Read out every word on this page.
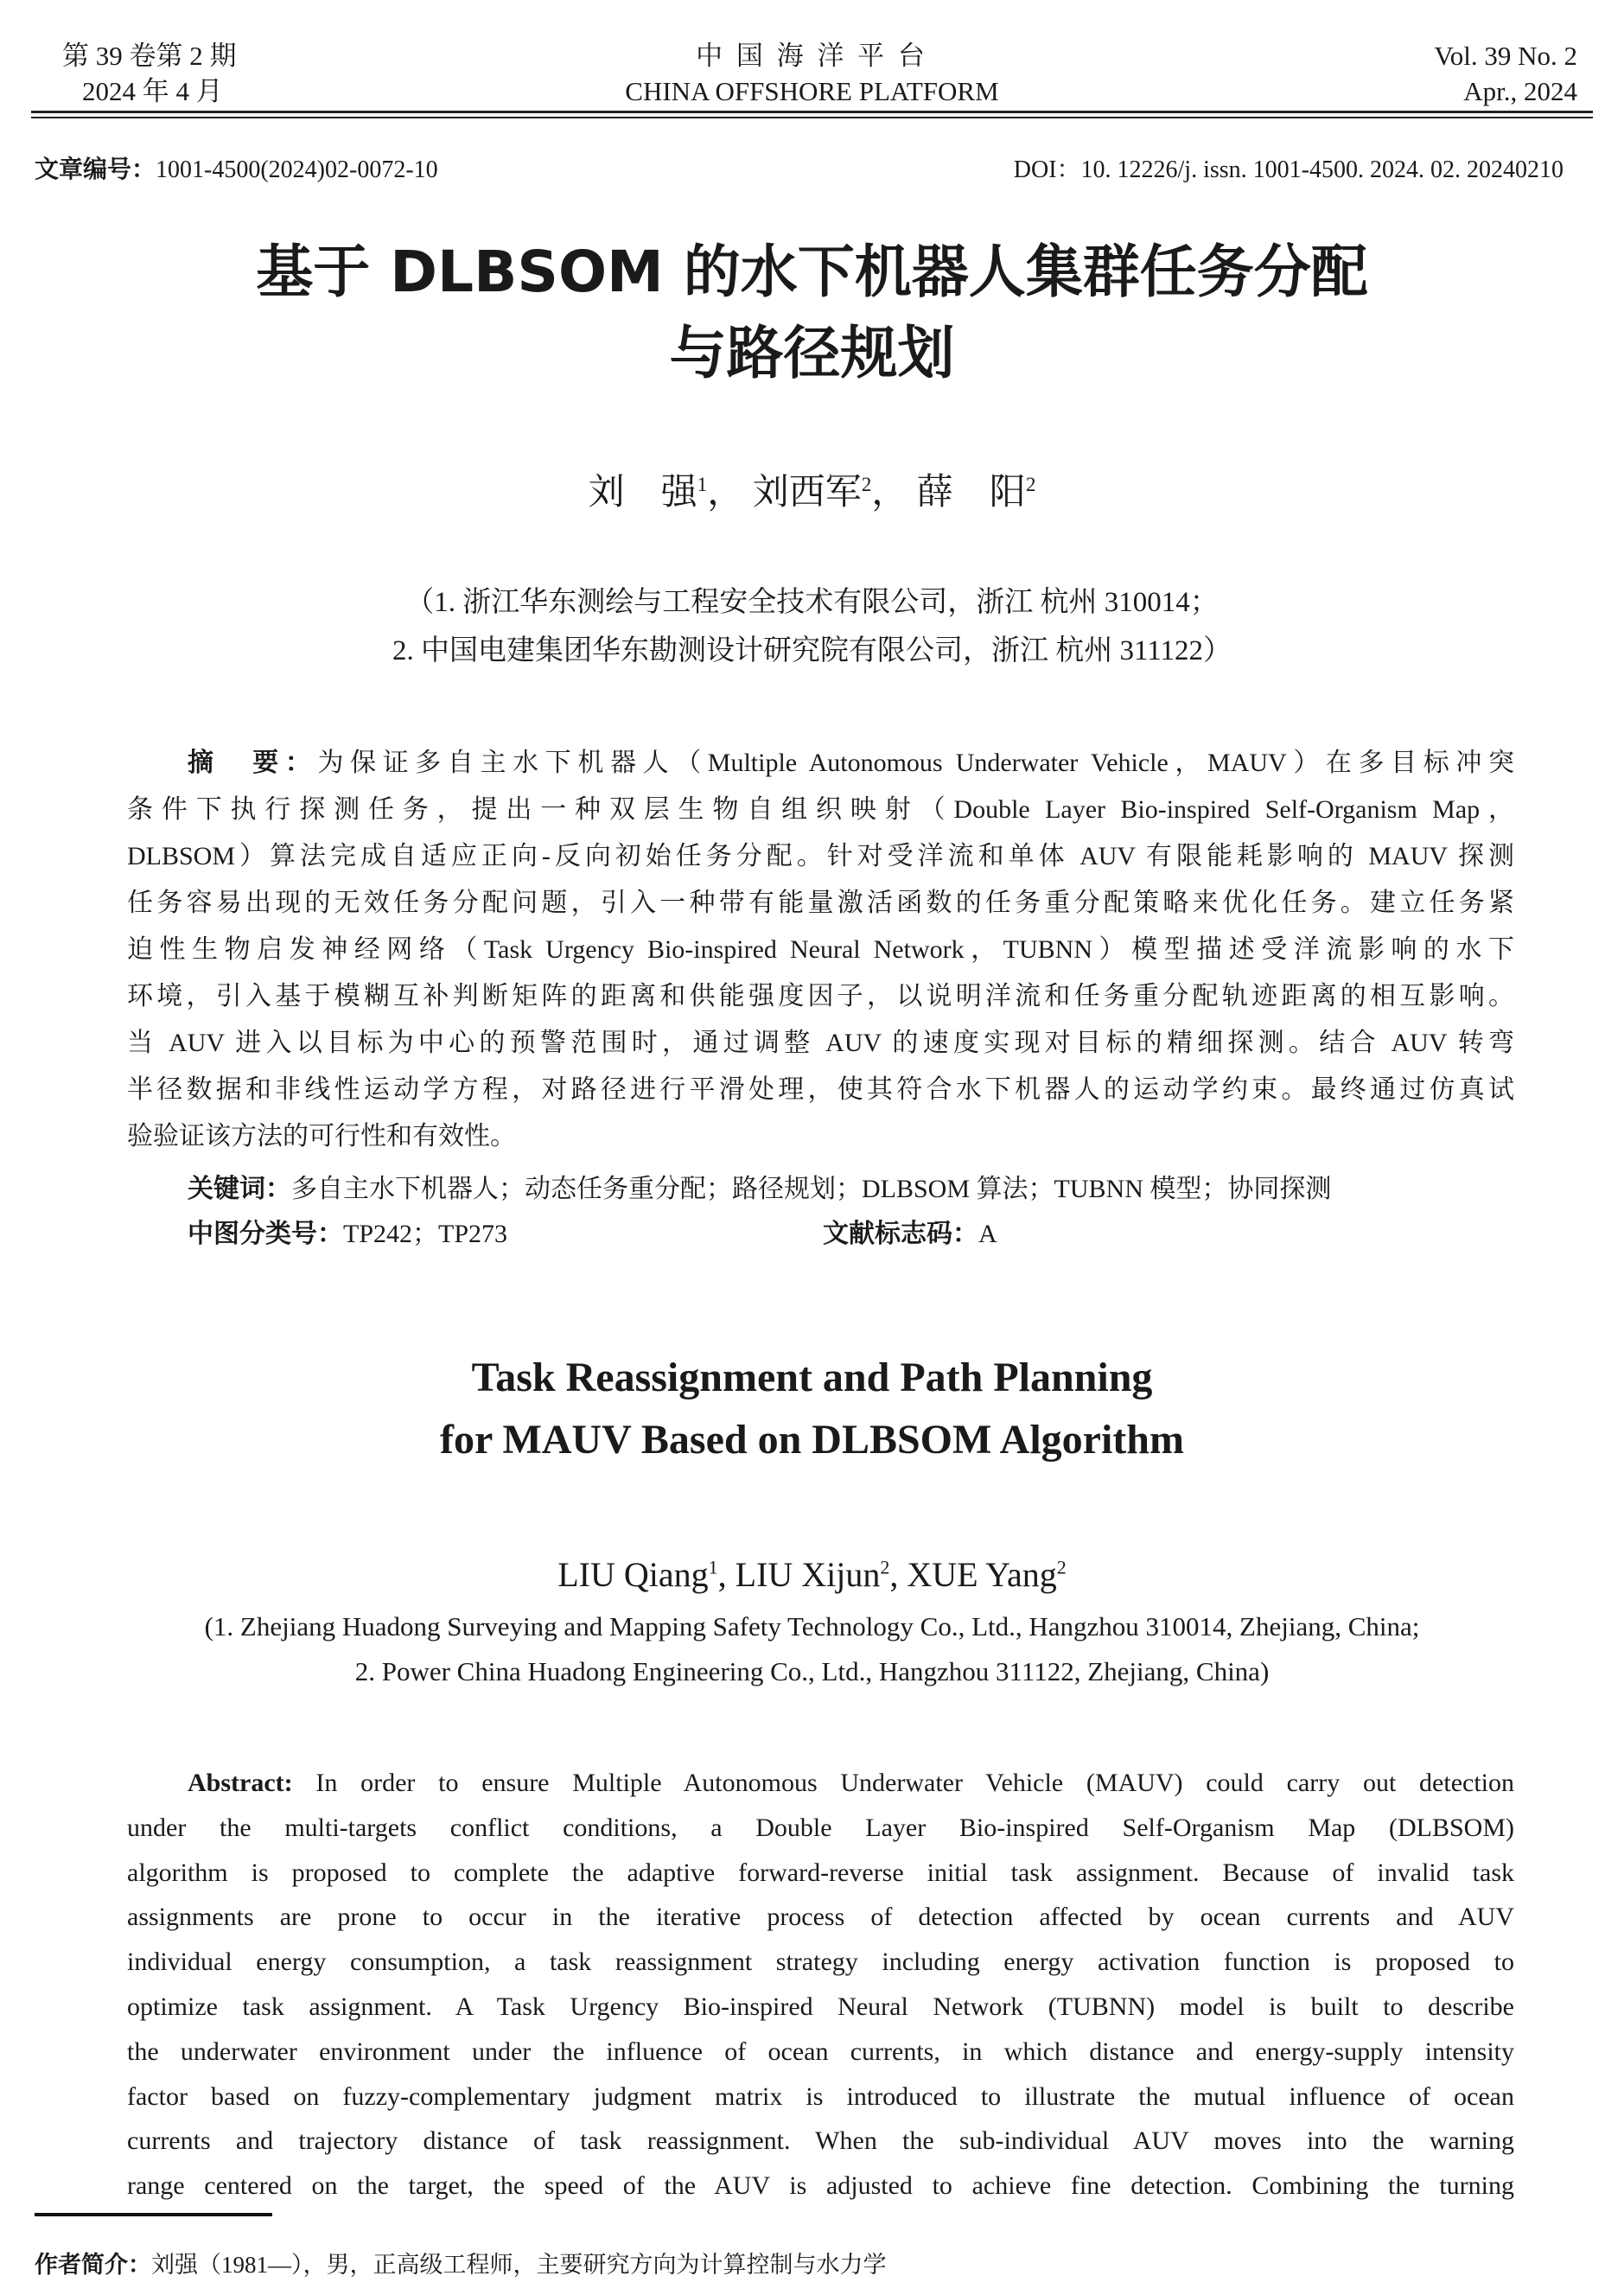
第 39 卷第 2 期
2024 年 4 月
中 国 海 洋 平 台
CHINA OFFSHORE PLATFORM
Vol. 39 No. 2
Apr., 2024
文章编号：1001-4500(2024)02-0072-10	DOI：10. 12226/j. issn. 1001-4500. 2024. 02. 20240210
基于 DLBSOM 的水下机器人集群任务分配
与路径规划
刘　强$^1$， 刘西军$^2$， 薛　阳$^2$
（1. 浙江华东测绘与工程安全技术有限公司，浙江 杭州 310014；
2. 中国电建集团华东勘测设计研究院有限公司，浙江 杭州 311122）
摘　要：为保证多自主水下机器人（Multiple Autonomous Underwater Vehicle，MAUV）在多目标冲突
条件下执行探测任务，提出一种双层生物自组织映射（Double Layer Bio-inspired Self-Organism Map，
DLBSOM）算法完成自适应正向-反向初始任务分配。针对受洋流和单体 AUV 有限能耗影响的 MAUV 探测
任务容易出现的无效任务分配问题，引入一种带有能量激活函数的任务重分配策略来优化任务。建立任务紧
迫性生物启发神经网络（Task Urgency Bio-inspired Neural Network，TUBNN）模型描述受洋流影响的水下
环境，引入基于模糊互补判断矩阵的距离和供能强度因子，以说明洋流和任务重分配轨迹距离的相互影响。
当 AUV 进入以目标为中心的预警范围时，通过调整 AUV 的速度实现对目标的精细探测。结合 AUV 转弯
半径数据和非线性运动学方程，对路径进行平滑处理，使其符合水下机器人的运动学约束。最终通过仿真试
验验证该方法的可行性和有效性。
关键词：多自主水下机器人；动态任务重分配；路径规划；DLBSOM 算法；TUBNN 模型；协同探测
中图分类号：TP242；TP273	文献标志码：A
Task Reassignment and Path Planning
for MAUV Based on DLBSOM Algorithm
LIU Qiang$^1$, LIU Xijun$^2$, XUE Yang$^2$
(1. Zhejiang Huadong Surveying and Mapping Safety Technology Co., Ltd., Hangzhou 310014, Zhejiang, China;
2. Power China Huadong Engineering Co., Ltd., Hangzhou 311122, Zhejiang, China)
Abstract: In order to ensure Multiple Autonomous Underwater Vehicle (MAUV) could carry out detection
under the multi-targets conflict conditions, a Double Layer Bio-inspired Self-Organism Map (DLBSOM)
algorithm is proposed to complete the adaptive forward-reverse initial task assignment. Because of invalid task
assignments are prone to occur in the iterative process of detection affected by ocean currents and AUV
individual energy consumption, a task reassignment strategy including energy activation function is proposed to
optimize task assignment. A Task Urgency Bio-inspired Neural Network (TUBNN) model is built to describe
the underwater environment under the influence of ocean currents, in which distance and energy-supply intensity
factor based on fuzzy-complementary judgment matrix is introduced to illustrate the mutual influence of ocean
currents and trajectory distance of task reassignment. When the sub-individual AUV moves into the warning
range centered on the target, the speed of the AUV is adjusted to achieve fine detection. Combining the turning
作者简介：刘强（1981—），男，正高级工程师，主要研究方向为计算控制与水力学
